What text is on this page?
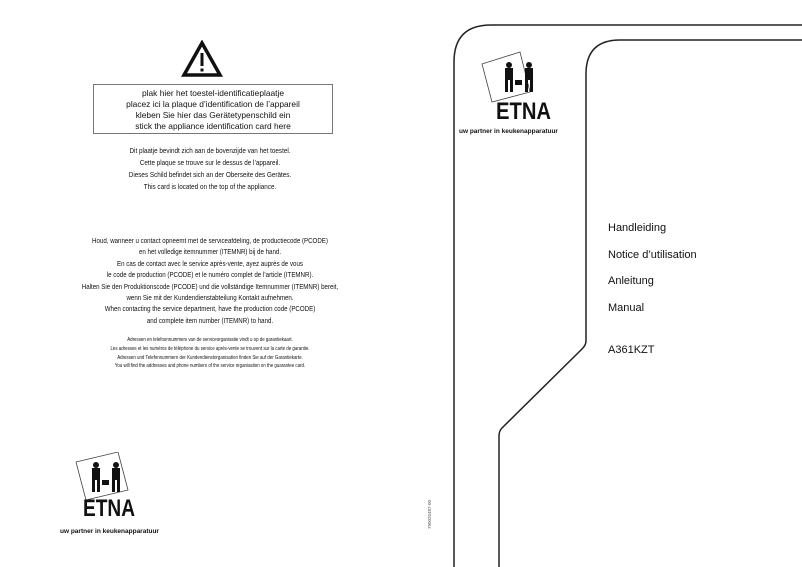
plak hier het toestel-identificatieplaatje
placez ici la plaque d’identification de l’appareil
kleben Sie hier das Gerätetypenschild ein
stick the appliance identification card here
Dit plaatje bevindt zich aan de bovenzijde van het toestel.
Cette plaque se trouve sur le dessus de l’appareil.
Dieses Schild befindet sich an der Oberseite des Gerätes.
This card is located on the top of the appliance.
Houd, wanneer u contact opneemt met de serviceafdeling, de productiecode (PCODE)
en het volledige itemnummer (ITEMNR) bij de hand.
En cas de contact avec le service après-vente, ayez auprès de vous
le code de production (PCODE) et le numéro complet de l’article (ITEMNR).
Halten Sie den Produktionscode (PCODE) und die vollständige Itemnummer (ITEMNR) bereit,
wenn Sie mit der Kundendienstabteilung Kontakt aufnehmen.
When contacting the service department, have the production code (PCODE)
and complete item number (ITEMNR) to hand.
Adressen en telefoonnummers van de serviceorganisatie vindt u op de garantiekaart.
Les adresses et les numéros de téléphone du service après-vente se trouvent sur la carte de garantie.
Adressen und Telefonnummern der Kundendienstorganisation finden Sie auf der Garantiekarte.
You will find the addresses and phone numbers of the service organisation on the guarantee card.
ETNA
uw partner in keukenapparatuur
790025487-00
ETNA
uw partner in keukenapparatuur
Handleiding
Notice d’utilisation
Anleitung
Manual
A361KZT
